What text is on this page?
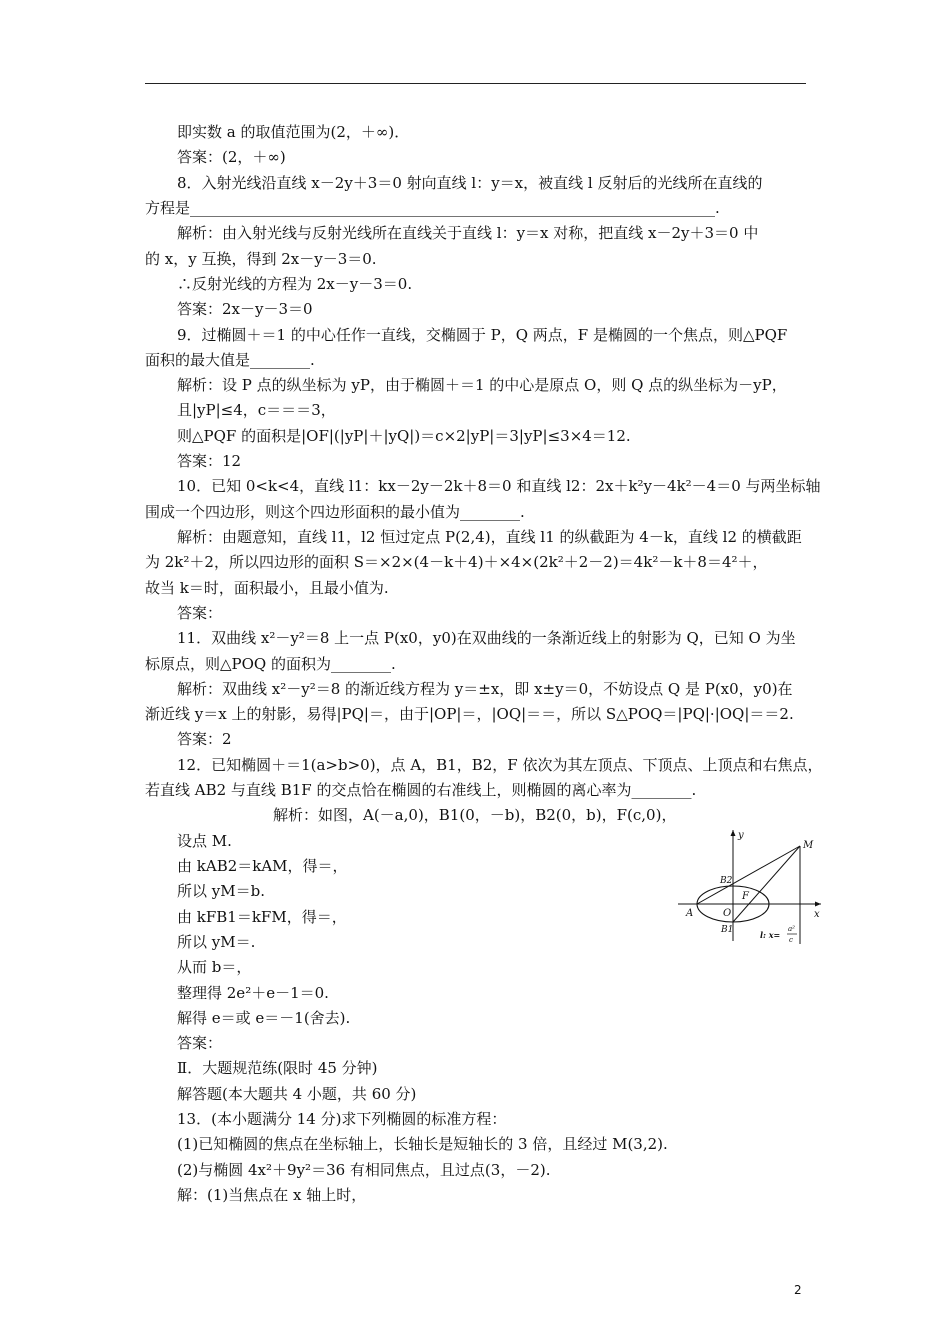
即实数 a 的取值范围为(2，＋∞)．
答案：(2，＋∞)
8．入射光线沿直线 x－2y＋3＝0 射向直线 l：y＝x，被直线 l 反射后的光线所在直线的
方程是______________________________________________________________________.
解析：由入射光线与反射光线所在直线关于直线 l：y＝x 对称，把直线 x－2y＋3＝0 中
的 x，y 互换，得到 2x－y－3＝0.
∴反射光线的方程为 2x－y－3＝0.
答案：2x－y－3＝0
9．过椭圆＋＝1 的中心任作一直线，交椭圆于 P，Q 两点，F 是椭圆的一个焦点，则△PQF
面积的最大值是________.
解析：设 P 点的纵坐标为 yP，由于椭圆＋＝1 的中心是原点 O，则 Q 点的纵坐标为－yP，
且|yP|≤4，c＝＝＝3，
则△PQF 的面积是|OF|(|yP|＋|yQ|)＝c×2|yP|＝3|yP|≤3×4＝12.
答案：12
10．已知 0<k<4，直线 l1：kx－2y－2k＋8＝0 和直线 l2：2x＋k²y－4k²－4＝0 与两坐标轴
围成一个四边形，则这个四边形面积的最小值为________.
解析：由题意知，直线 l1，l2 恒过定点 P(2,4)，直线 l1 的纵截距为 4－k，直线 l2 的横截距
为 2k²＋2，所以四边形的面积 S＝×2×(4－k＋4)＋×4×(2k²＋2－2)＝4k²－k＋8＝4²＋，
故当 k＝时，面积最小，且最小值为.
答案：
11．双曲线 x²－y²＝8 上一点 P(x0，y0)在双曲线的一条渐近线上的射影为 Q，已知 O 为坐
标原点，则△POQ 的面积为________.
解析：双曲线 x²－y²＝8 的渐近线方程为 y＝±x，即 x±y＝0，不妨设点 Q 是 P(x0，y0)在
渐近线 y＝x 上的射影，易得|PQ|＝，由于|OP|＝，|OQ|＝＝，所以 S△POQ＝|PQ|·|OQ|＝＝2.
答案：2
12．已知椭圆＋＝1(a>b>0)，点 A，B1，B2，F 依次为其左顶点、下顶点、上顶点和右焦点，
若直线 AB2 与直线 B1F 的交点恰在椭圆的右准线上，则椭圆的离心率为________.
解析：如图，A(－a,0)，B1(0，－b)，B2(0，b)，F(c,0)，
设点 M.
由 kAB2＝kAM，得＝，
所以 yM＝b.
由 kFB1＝kFM，得＝，
所以 yM＝.
从而 b＝，
整理得 2e²＋e－1＝0.
解得 e＝或 e＝－1(舍去).
答案：
Ⅱ．大题规范练(限时 45 分钟)
解答题(本大题共 4 小题，共 60 分)
13．(本小题满分 14 分)求下列椭圆的标准方程：
(1)已知椭圆的焦点在坐标轴上，长轴长是短轴长的 3 倍，且经过 M(3,2).
(2)与椭圆 4x²＋9y²＝36 有相同焦点，且过点(3，－2).
解：(1)当焦点在 x 轴上时，
y
x
M
B2
F
A	O
B1	l: x=
a²
c
2
